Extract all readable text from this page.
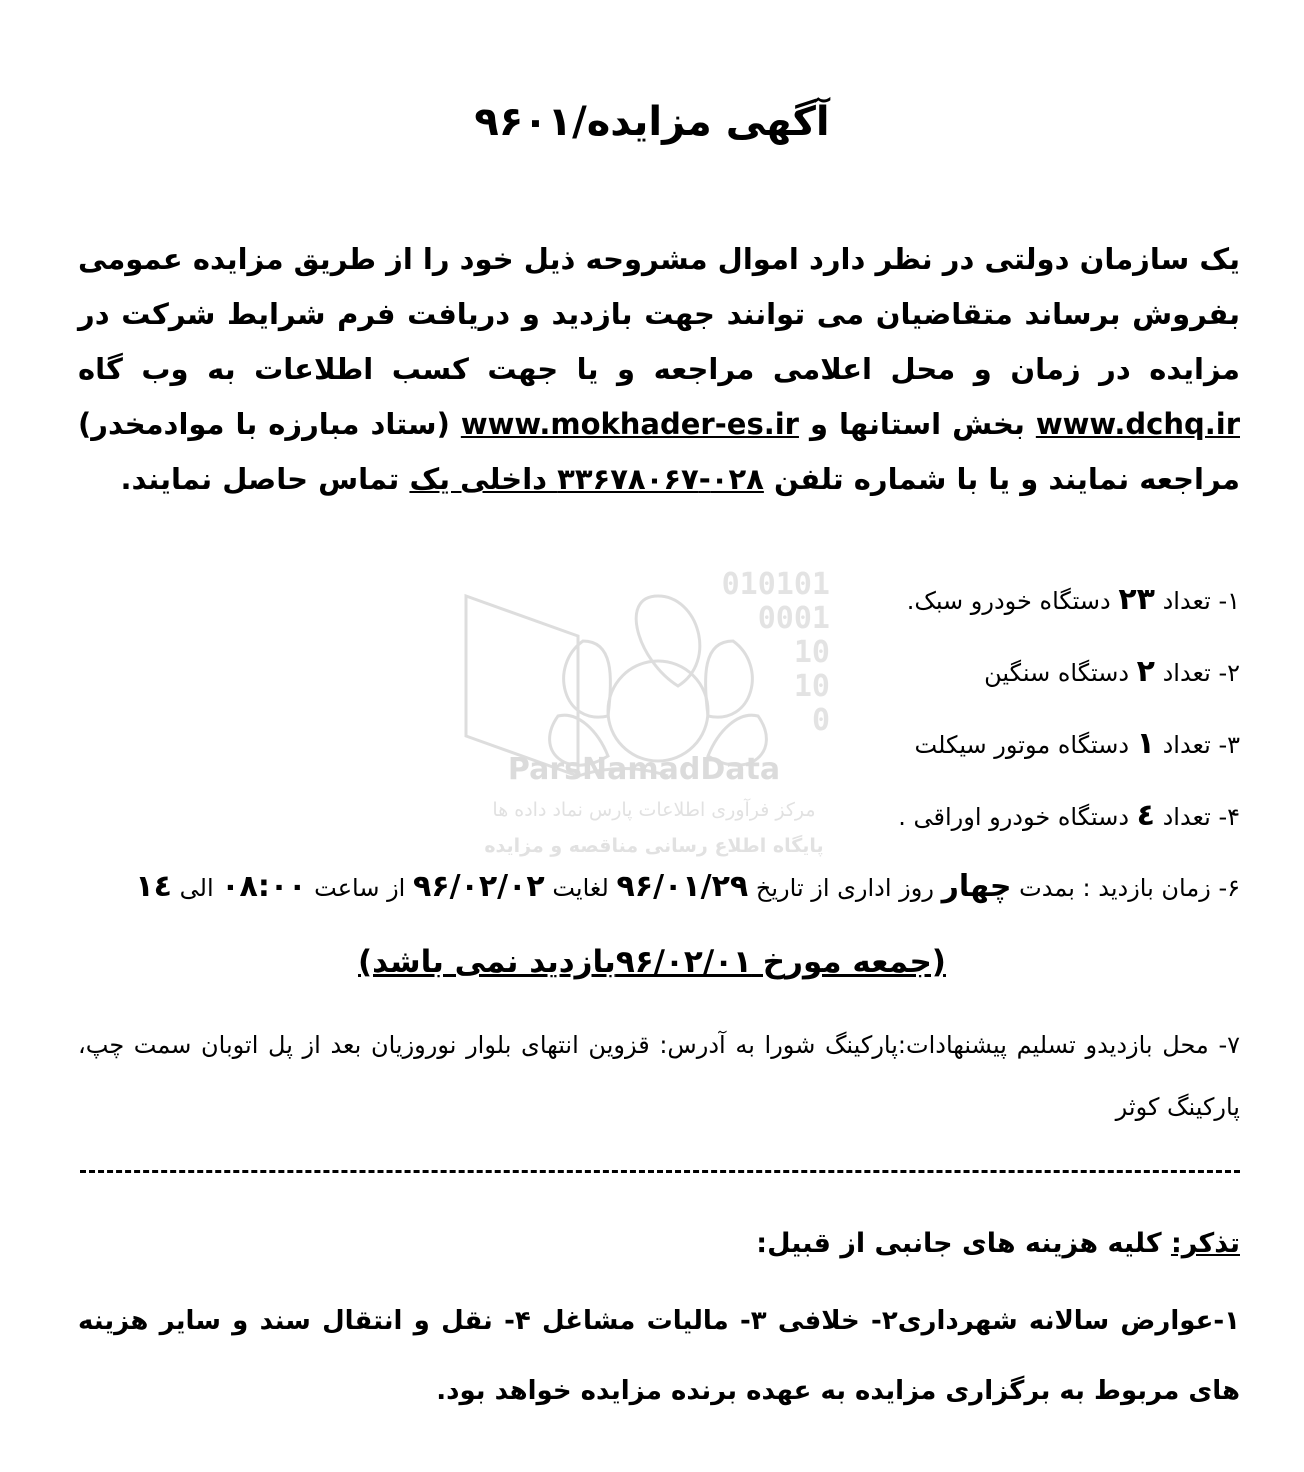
آگهی مزایده/۹۶۰۱
یک سازمان دولتی در نظر دارد اموال مشروحه ذیل خود را از طریق مزایده عمومی بفروش برساند متقاضیان می توانند جهت بازدید و دریافت فرم شرایط شرکت در مزایده در زمان و محل اعلامی مراجعه و یا جهت کسب اطلاعات به وب گاه www.dchq.ir بخش استانها و www.mokhader-es.ir (ستاد مبارزه با موادمخدر) مراجعه نمایند و یا با شماره تلفن ۰۲۸-۳۳۶۷۸۰۶۷ داخلی یک تماس حاصل نمایند.
010101
0001
10
10
0
ParsNamadData
مرکز فرآوری اطلاعات پارس نماد داده ها
پایگاه اطلاع رسانی مناقصه و مزایده
۱- تعداد ۲۳ دستگاه خودرو سبک.
۲- تعداد ۲ دستگاه سنگین
۳- تعداد ۱ دستگاه موتور سیکلت
۴- تعداد ٤ دستگاه خودرو اوراقی .
۶- زمان بازدید : بمدت چهار روز اداری از تاریخ ۹۶/۰۱/۲۹ لغایت ۹۶/۰۲/۰۲ از ساعت ۰۸:۰۰ الی ١٤
(جمعه مورخ ۹۶/۰۲/۰۱بازدید نمی باشد)
۷- محل بازدیدو تسلیم پیشنهادات:پارکینگ شورا به آدرس: قزوین انتهای بلوار نوروزیان بعد از پل اتوبان سمت چپ، پارکینگ کوثر
تذکر: کلیه هزینه های جانبی از قبیل:
۱-عوارض سالانه شهرداری۲- خلافی ۳- مالیات مشاغل ۴- نقل و انتقال سند و سایر هزینه های مربوط به برگزاری مزایده به عهده برنده مزایده خواهد بود.
